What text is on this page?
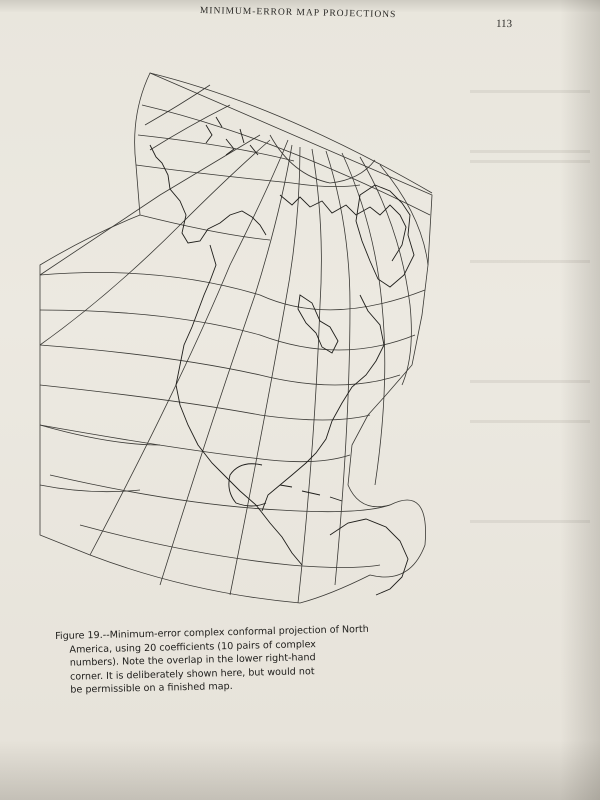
MINIMUM-ERROR MAP PROJECTIONS
113

Figure 19.--Minimum-error complex conformal projection of North

America, using 20 coefficients (10 pairs of complex

numbers). Note the overlap in the lower right-hand

corner. It is deliberately shown here, but would not

be permissible on a finished map.
